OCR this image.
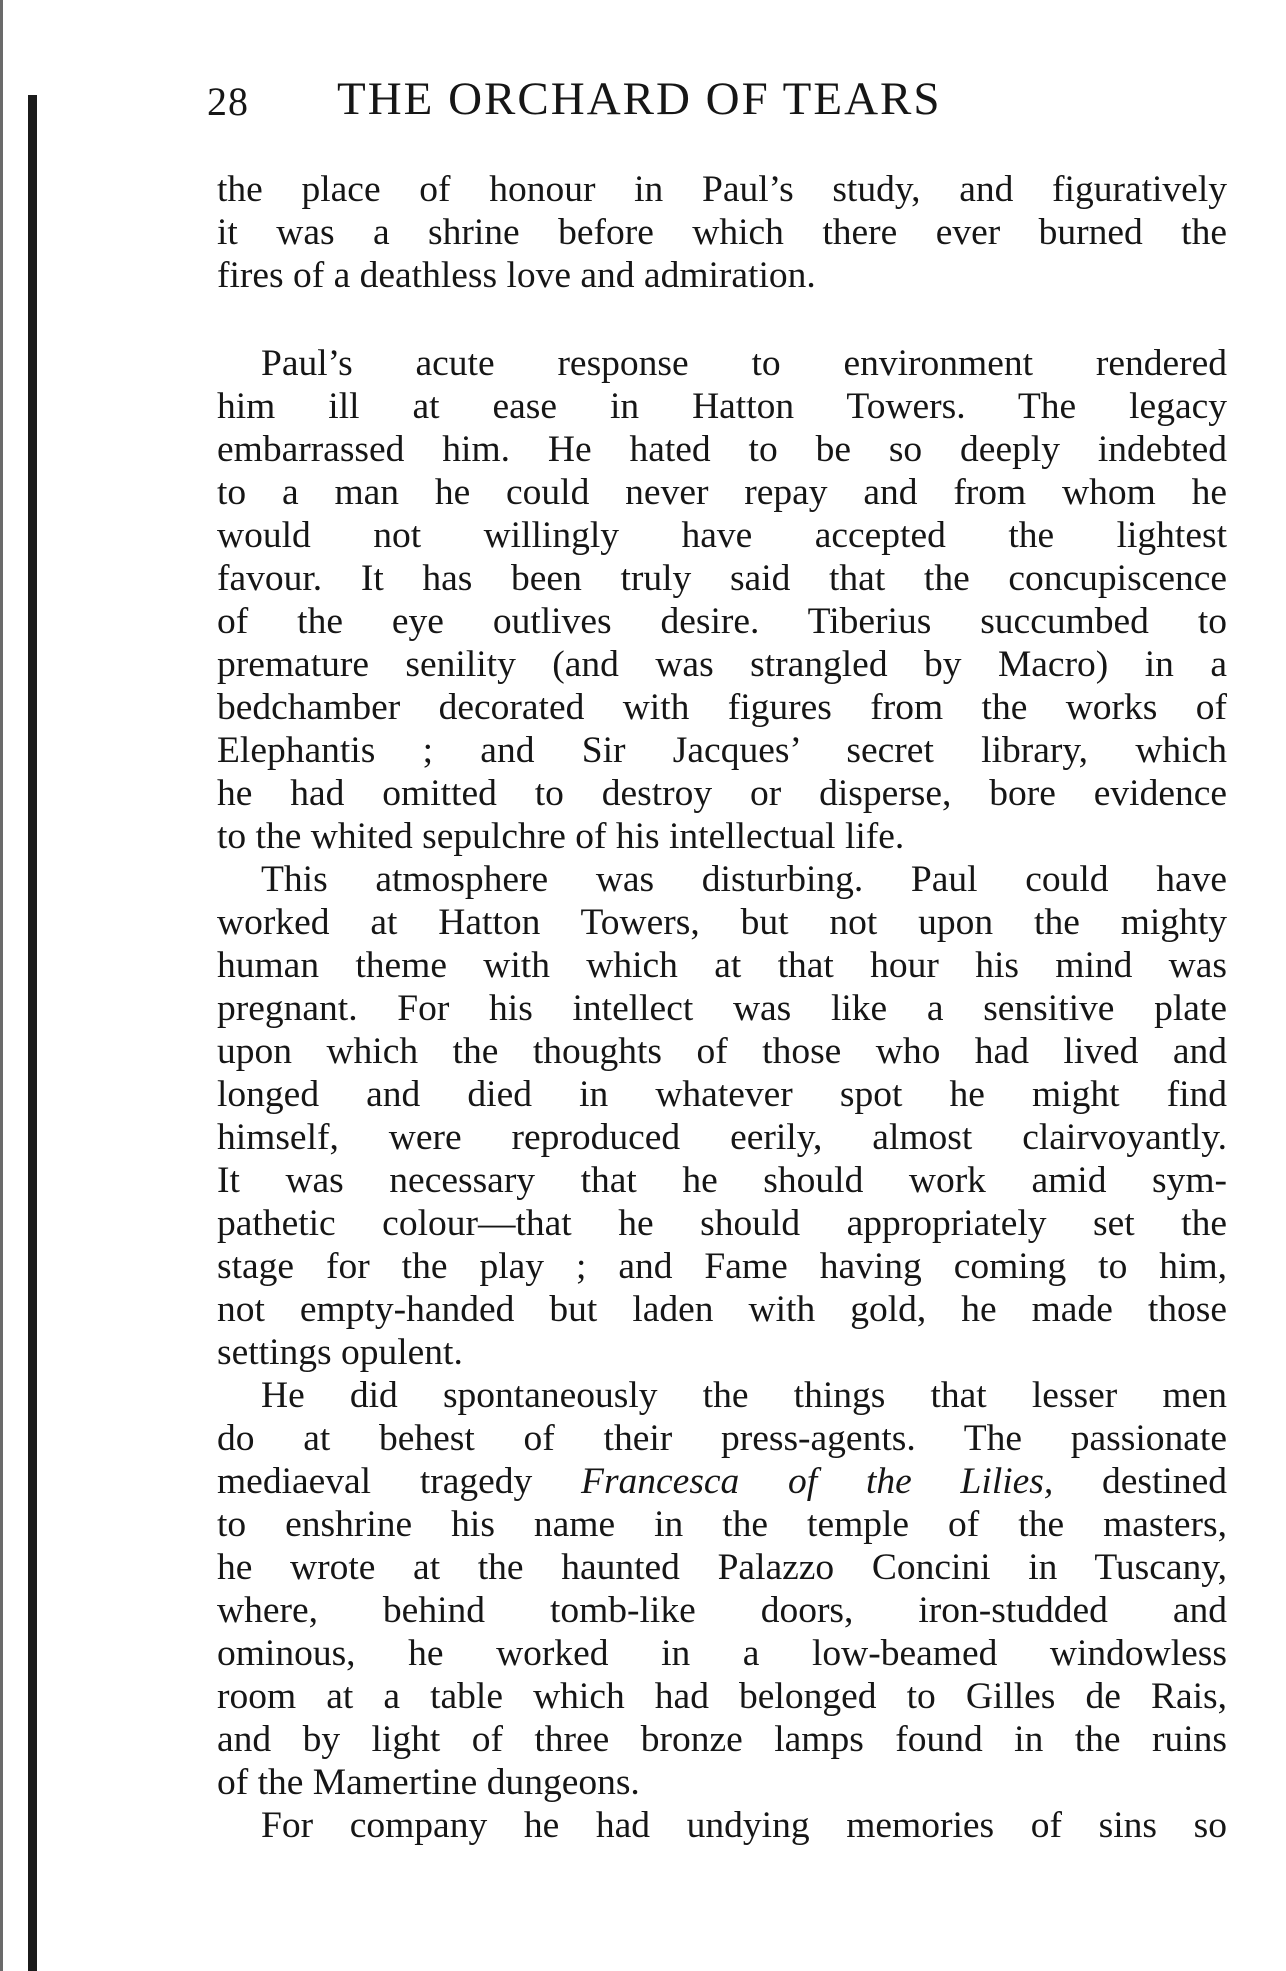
28 THE ORCHARD OF TEARS
the place of honour in Paul’s study, and figuratively
it was a shrine before which there ever burned the
fires of a deathless love and admiration.
Paul’s acute response to environment rendered
him ill at ease in Hatton Towers. The legacy
embarrassed him. He hated to be so deeply indebted
to a man he could never repay and from whom he
would not willingly have accepted the lightest
favour. It has been truly said that the concupiscence
of the eye outlives desire. Tiberius succumbed to
premature senility (and was strangled by Macro) in a
bedchamber decorated with figures from the works of
Elephantis ; and Sir Jacques’ secret library, which
he had omitted to destroy or disperse, bore evidence
to the whited sepulchre of his intellectual life.
This atmosphere was disturbing. Paul could have
worked at Hatton Towers, but not upon the mighty
human theme with which at that hour his mind was
pregnant. For his intellect was like a sensitive plate
upon which the thoughts of those who had lived and
longed and died in whatever spot he might find
himself, were reproduced eerily, almost clairvoyantly.
It was necessary that he should work amid sym-
pathetic colour—that he should appropriately set the
stage for the play ; and Fame having coming to him,
not empty-handed but laden with gold, he made those
settings opulent.
He did spontaneously the things that lesser men
do at behest of their press-agents. The passionate
mediaeval tragedy Francesca of the Lilies, destined
to enshrine his name in the temple of the masters,
he wrote at the haunted Palazzo Concini in Tuscany,
where, behind tomb-like doors, iron-studded and
ominous, he worked in a low-beamed windowless
room at a table which had belonged to Gilles de Rais,
and by light of three bronze lamps found in the ruins
of the Mamertine dungeons.
For company he had undying memories of sins so
